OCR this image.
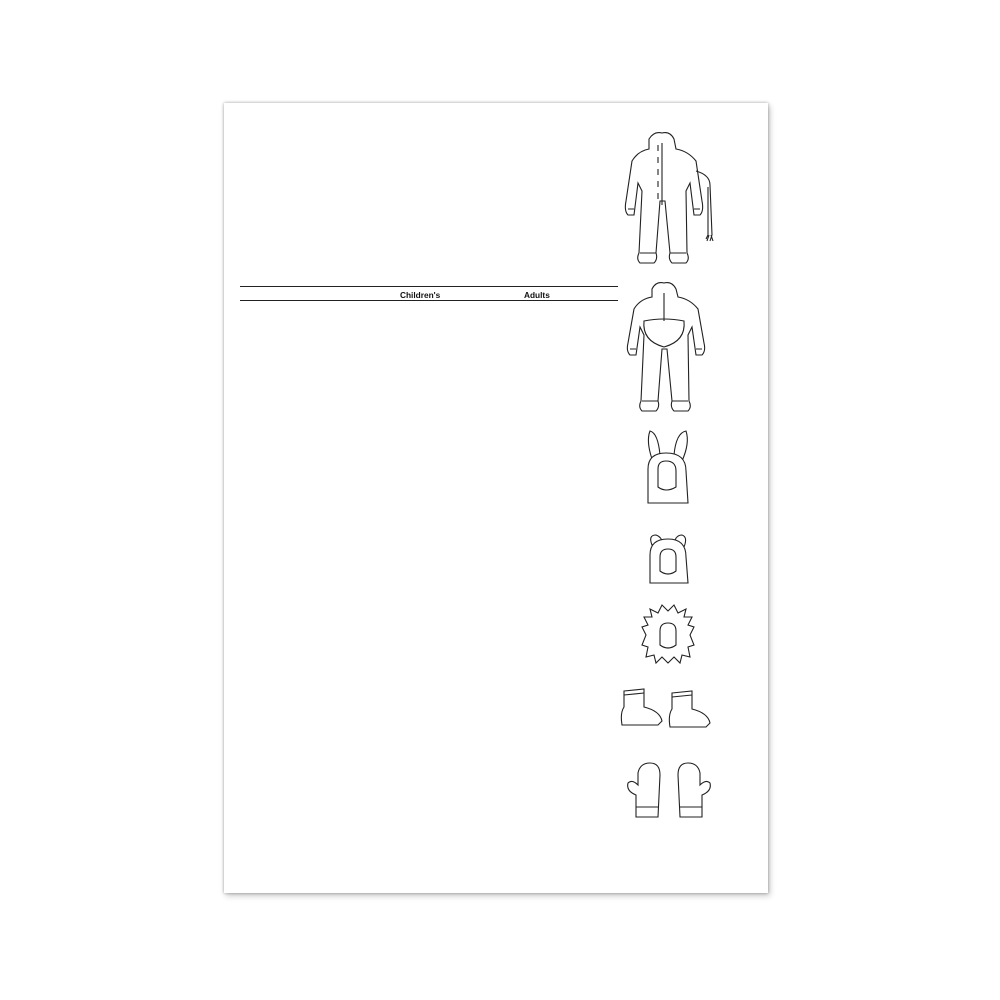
Children's	Adults
